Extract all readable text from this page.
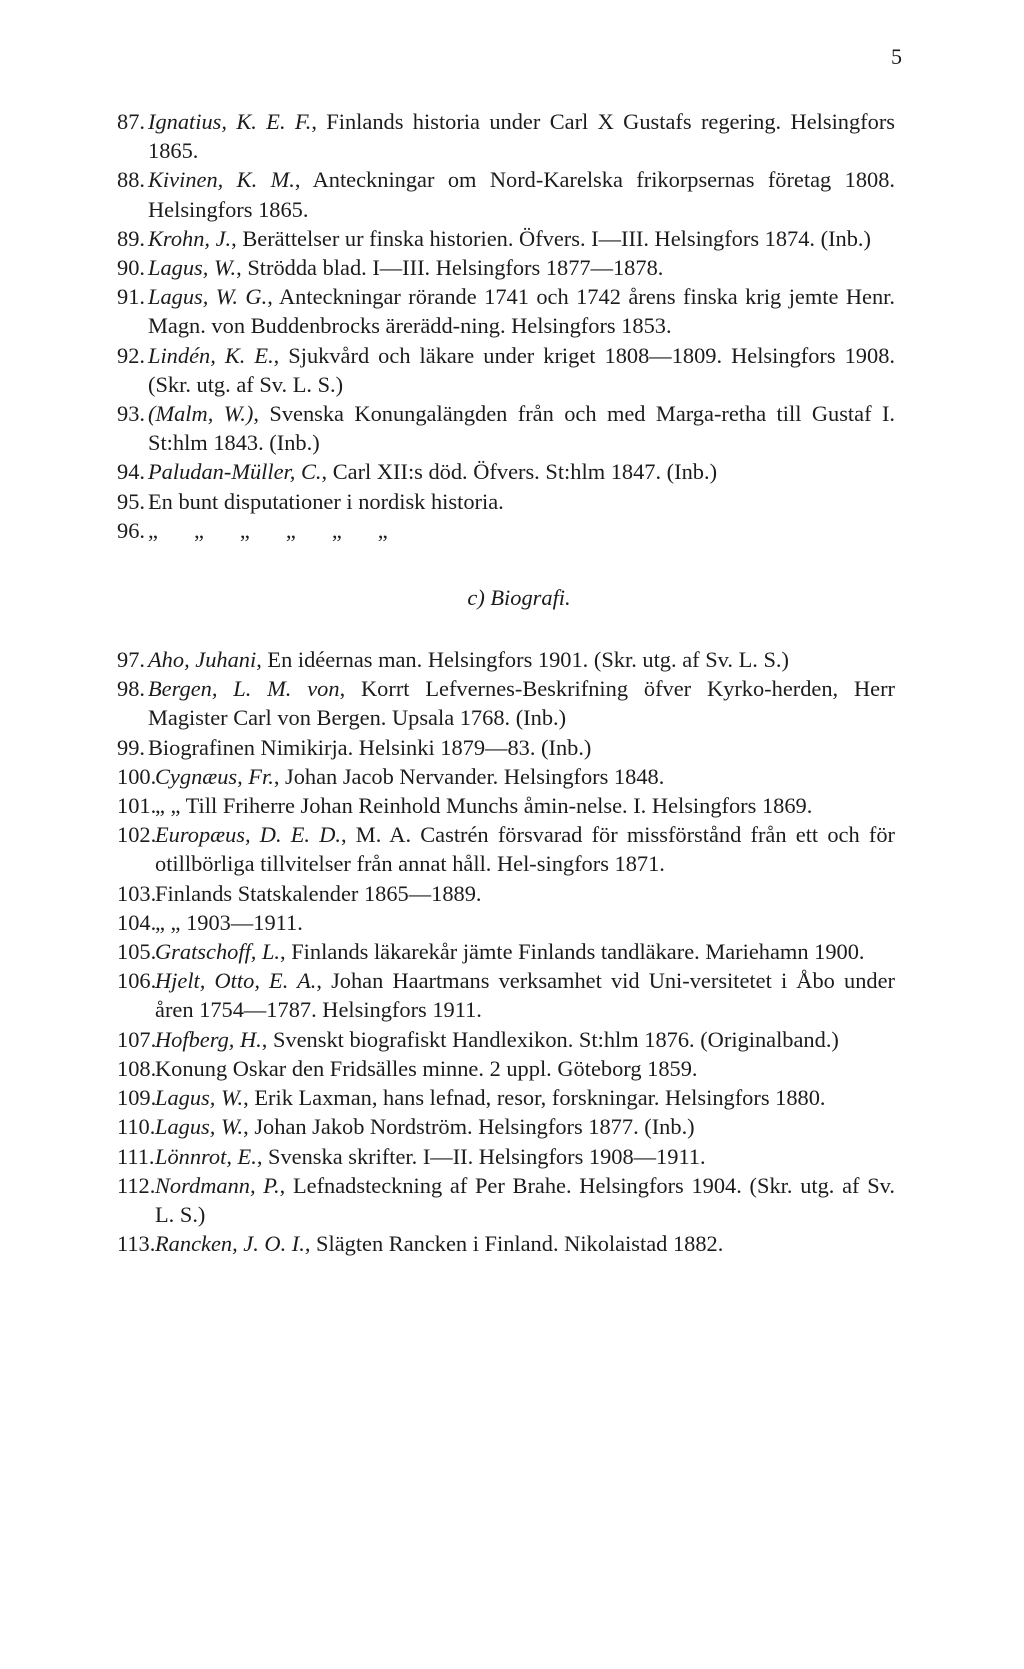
5
87. Ignatius, K. E. F., Finlands historia under Carl X Gustafs regering. Helsingfors 1865.
88. Kivinen, K. M., Anteckningar om Nord-Karelska frikorpsernas företag 1808. Helsingfors 1865.
89. Krohn, J., Berättelser ur finska historien. Öfvers. I—III. Helsingfors 1874. (Inb.)
90. Lagus, W., Strödda blad. I—III. Helsingfors 1877—1878.
91. Lagus, W. G., Anteckningar rörande 1741 och 1742 årens finska krig jemte Henr. Magn. von Buddenbrocks ärerädd-ning. Helsingfors 1853.
92. Lindén, K. E., Sjukvård och läkare under kriget 1808—1809. Helsingfors 1908. (Skr. utg. af Sv. L. S.)
93. (Malm, W.), Svenska Konungalängden från och med Marga-retha till Gustaf I. St:hlm 1843. (Inb.)
94. Paludan-Müller, C., Carl XII:s död. Öfvers. St:hlm 1847. (Inb.)
95. En bunt disputationer i nordisk historia.
96. „ „ „ „ „ „
c) Biografi.
97. Aho, Juhani, En idéernas man. Helsingfors 1901. (Skr. utg. af Sv. L. S.)
98. Bergen, L. M. von, Korrt Lefvernes-Beskrifning öfver Kyrko-herden, Herr Magister Carl von Bergen. Upsala 1768. (Inb.)
99. Biografinen Nimikirja. Helsinki 1879—83. (Inb.)
100.
Cygnæus, Fr., Johan Jacob Nervander. Helsingfors 1848.
101.
„ „ Till Friherre Johan Reinhold Munchs åmin-nelse. I. Helsingfors 1869.
102.
Europæus, D. E. D., M. A. Castrén försvarad för missförstånd från ett och för otillbörliga tillvitelser från annat håll. Hel-singfors 1871.
103.
Finlands Statskalender 1865—1889.
104.
„ „ 1903—1911.
105.
Gratschoff, L., Finlands läkarekår jämte Finlands tandläkare. Mariehamn 1900.
106.
Hjelt, Otto, E. A., Johan Haartmans verksamhet vid Uni-versitetet i Åbo under åren 1754—1787. Helsingfors 1911.
107.
Hofberg, H., Svenskt biografiskt Handlexikon. St:hlm 1876. (Originalband.)
108.
Konung Oskar den Fridsälles minne. 2 uppl. Göteborg 1859.
109.
Lagus, W., Erik Laxman, hans lefnad, resor, forskningar. Helsingfors 1880.
110. Lagus, W., Johan Jakob Nordström. Helsingfors 1877. (Inb.)
111. Lönnrot, E., Svenska skrifter. I—II. Helsingfors 1908—1911.
112. Nordmann, P., Lefnadsteckning af Per Brahe. Helsingfors 1904. (Skr. utg. af Sv. L. S.)
113. Rancken, J. O. I., Slägten Rancken i Finland. Nikolaistad 1882.
